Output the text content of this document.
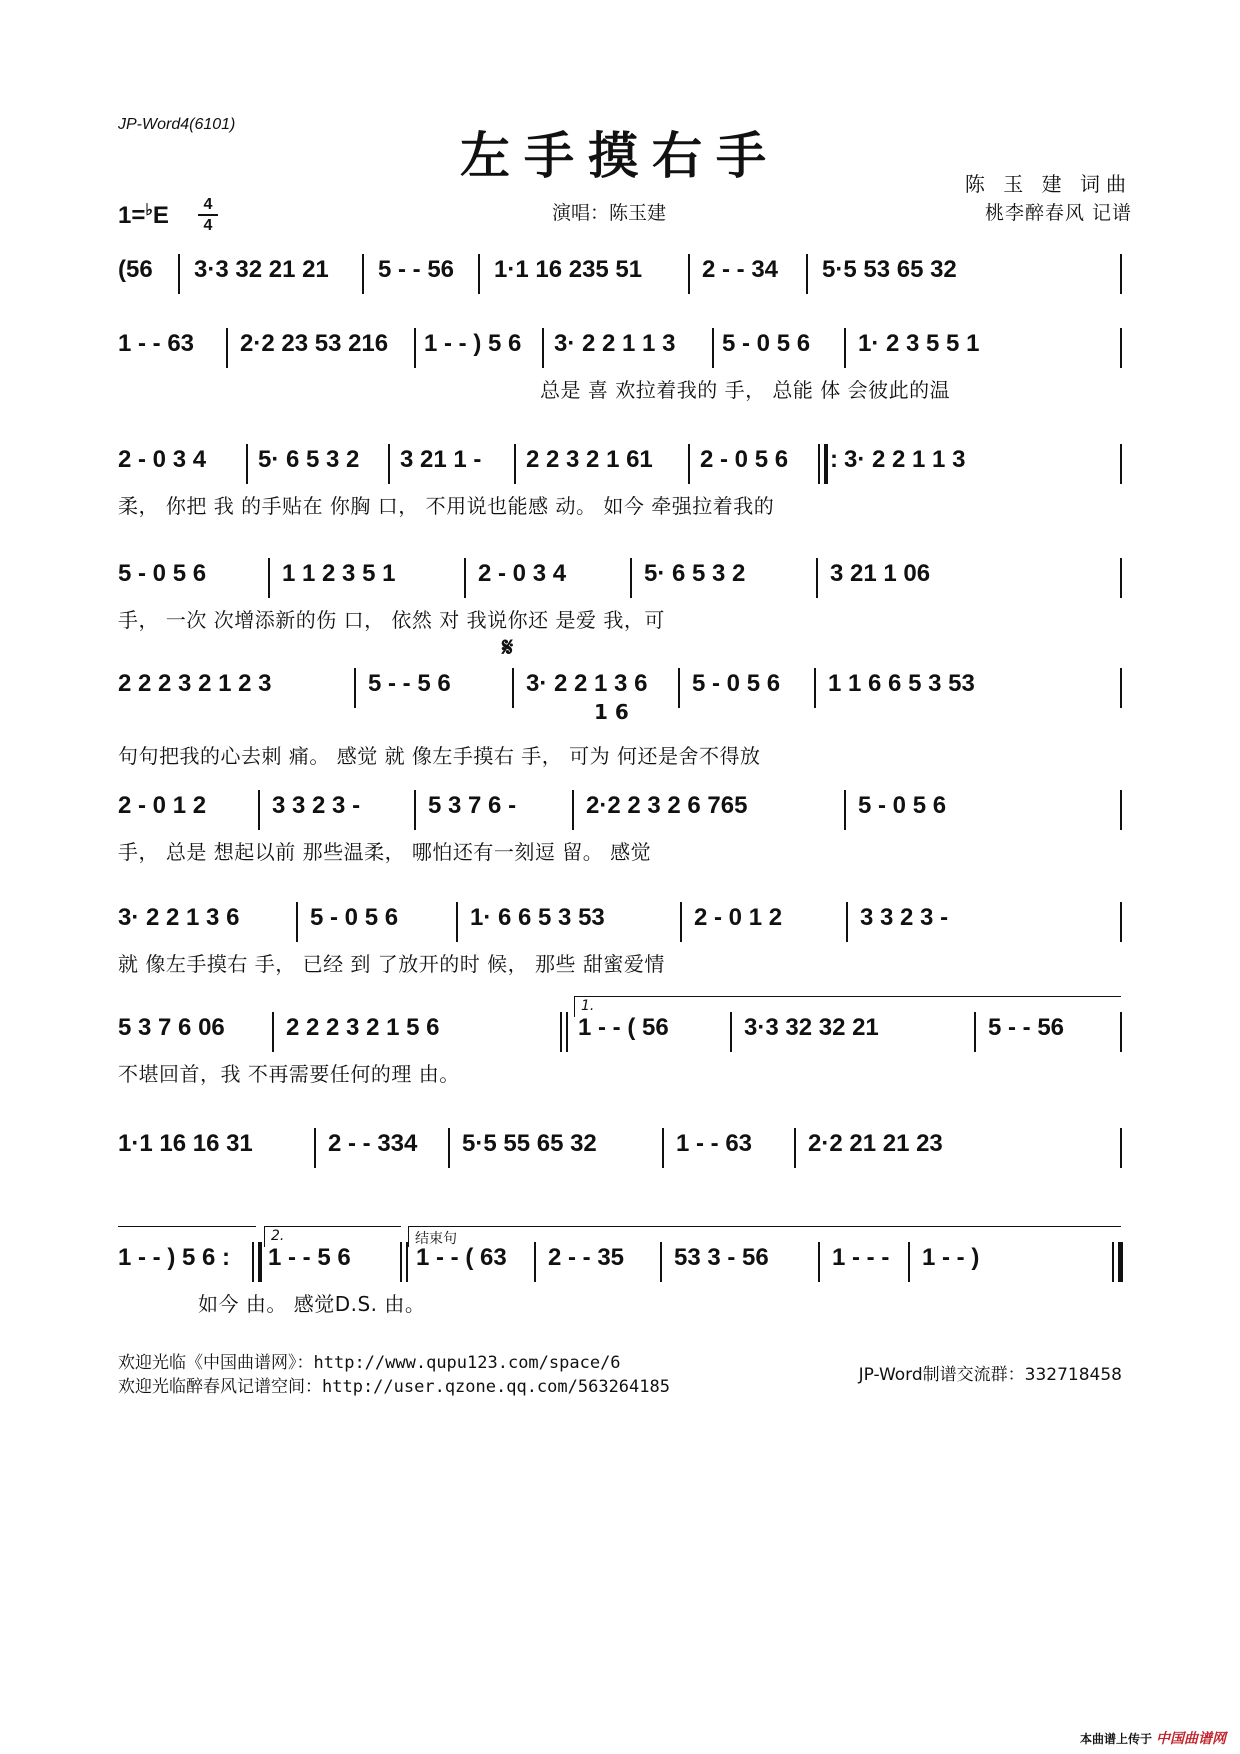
JP-Word4(6101)
左手摸右手	陈 玉 建 词曲
桃李醉春风 记谱
演唱：陈玉建
1=♭E	4
4
(56 3·3 32 21 21 5 - - 56 1·1 16 235 51 2 - - 34 5·5 53 65 32
1 - - 63 2·2 23 53 216 1 - - ) 5 6 3· 2 2 1 1 3 5 - 0 5 6 1· 2 3 5 5 1
总是 喜 欢拉着我的 手， 总能 体 会彼此的温
2 - 0 3 4 5· 6 5 3 2 3 21 1 - 2 2 3 2 1 61 2 - 0 5 6 : 3· 2 2 1 1 3
柔， 你把 我 的手贴在 你胸 口， 不用说也能感 动。 如今 牵强拉着我的
5 - 0 5 6	1 1 2 3 5 1	2 - 0 3 4	5· 6 5 3 2	3 21 1 06
手， 一次 次增添新的伤 口， 依然 对 我说你还 是爱 我，可
2 2 2 3 2 1 2 3	5 - - 5 6
𝄋
3· 2 2 1 3 6 5 - 0 5 6 1 1 6 6 5 3 53
1 6
句句把我的心去刺 痛。 感觉 就 像左手摸右 手， 可为 何还是舍不得放
2 - 0 1 2	3 3 2 3 -	5 3 7 6 -	2·2 2 3 2 6 765	5 - 0 5 6
手， 总是 想起以前 那些温柔， 哪怕还有一刻逗 留。 感觉
3· 2 2 1 3 6	5 - 0 5 6	1· 6 6 5 3 53	2 - 0 1 2	3 3 2 3 -
就 像左手摸右 手， 已经 到 了放开的时 候， 那些 甜蜜爱情
1.
5 3 7 6 06	2 2 2 3 2 1 5 6	1 - - ( 56	3·3 32 32 21	5 - - 56
不堪回首，我 不再需要任何的理 由。
1·1 16 16 31	2 - - 334 5·5 55 65 32	1 - - 63 2·2 21 21 23
2.	结束句
1 - - ) 5 6 : 1 - - 5 6	1 - - ( 63 2 - - 35 53 3 - 56	1 - - - 1 - - )
如今 由。 感觉D.S. 由。
欢迎光临《中国曲谱网》：http://www.qupu123.com/space/6
欢迎光临醉春风记谱空间：http://user.qzone.qq.com/563264185
JP-Word制谱交流群：332718458
本曲谱上传于 中国曲谱网
